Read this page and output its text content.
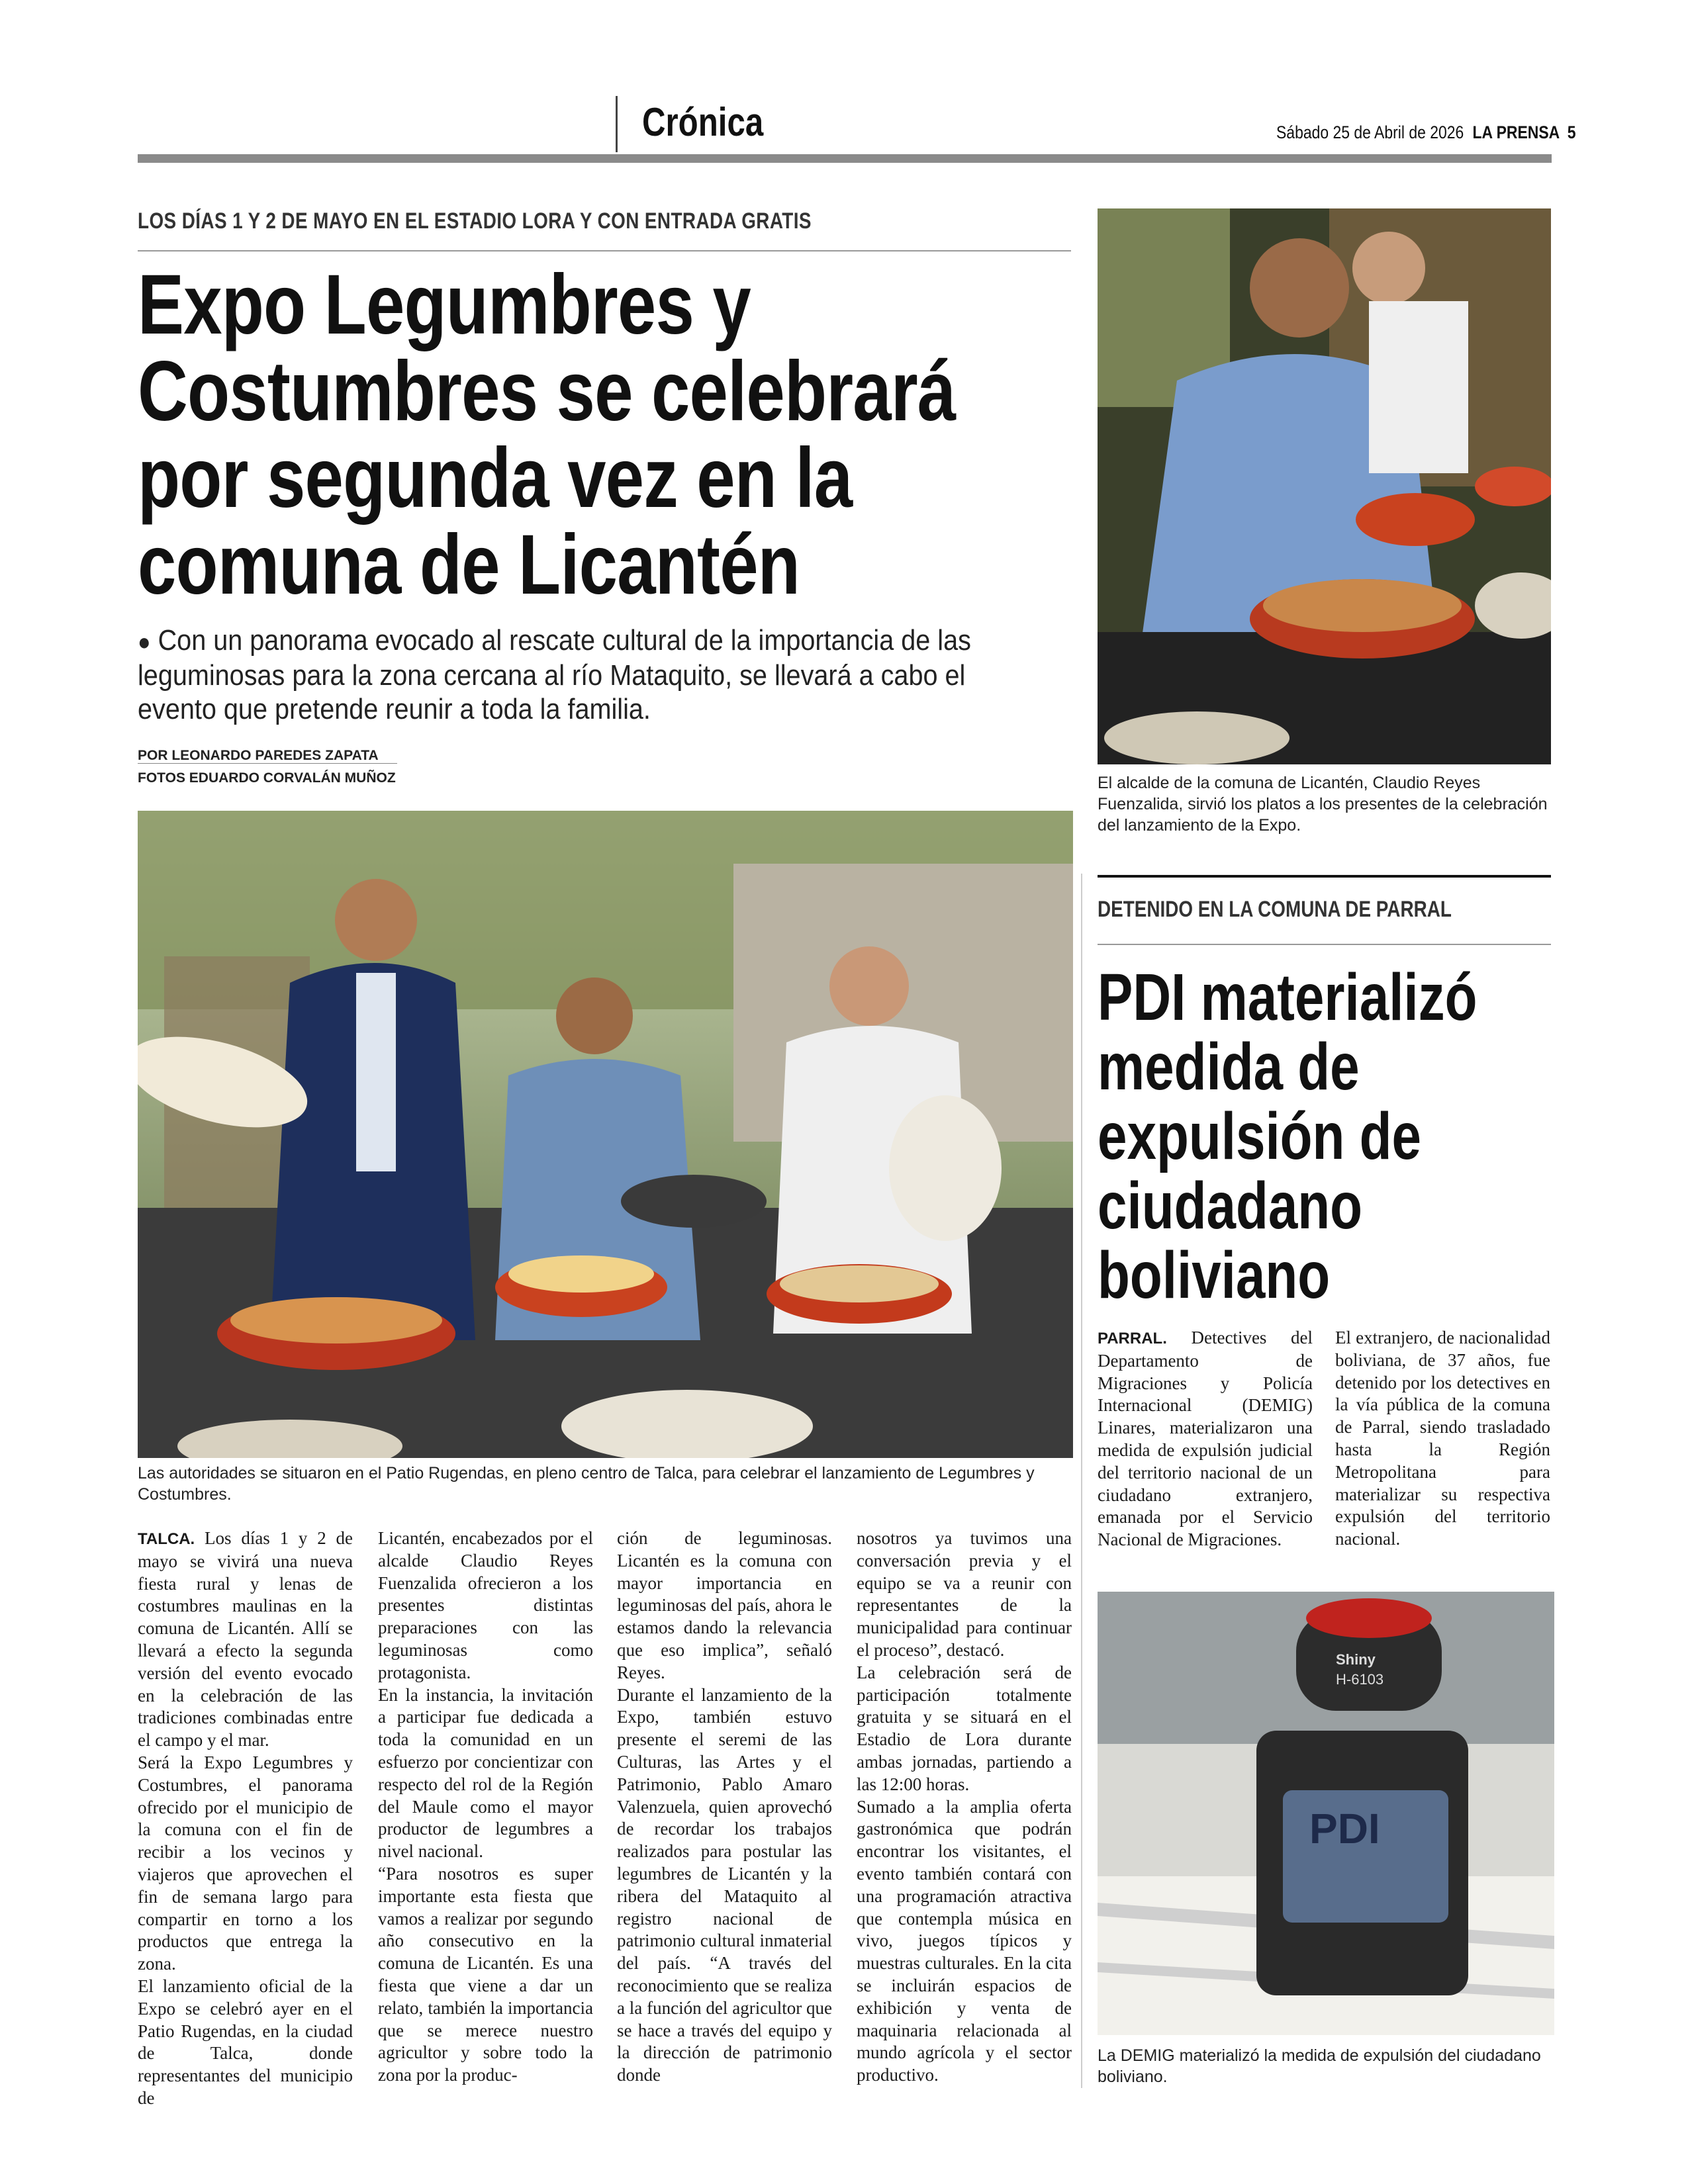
Crónica	Sábado 25 de Abril de 2026 LA PRENSA 5
LOS DÍAS 1 Y 2 DE MAYO EN EL ESTADIO LORA Y CON ENTRADA GRATIS
Expo Legumbres y
Costumbres se celebrará
por segunda vez en la
comuna de Licantén
● Con un panorama evocado al rescate cultural de la importancia de las leguminosas para la zona cercana al río Mataquito, se llevará a cabo el evento que pretende reunir a toda la familia.
POR LEONARDO PAREDES ZAPATA
FOTOS EDUARDO CORVALÁN MUÑOZ
Las autoridades se situaron en el Patio Rugendas, en pleno centro de Talca, para celebrar el lanzamiento de Legumbres y Costumbres.

TALCA. Los días 1 y 2 de mayo se vivirá una nueva fiesta rural y lenas de costumbres maulinas en la comuna de Licantén. Allí se llevará a efecto la segunda versión del evento evocado en la celebración de las tradiciones combinadas entre el campo y el mar.

Será la Expo Legumbres y Costumbres, el panorama ofrecido por el municipio de la comuna con el fin de recibir a los vecinos y viajeros que aprovechen el fin de semana largo para compartir en torno a los productos que entrega la zona.

El lanzamiento oficial de la Expo se celebró ayer en el Patio Rugendas, en la ciudad de Talca, donde representantes del municipio de

Licantén, encabezados por el alcalde Claudio Reyes Fuenzalida ofrecieron a los presentes distintas preparaciones con las leguminosas como protagonista.

En la instancia, la invitación a participar fue dedicada a toda la comunidad en un esfuerzo por concientizar con respecto del rol de la Región del Maule como el mayor productor de legumbres a nivel nacional.

“Para nosotros es super importante esta fiesta que vamos a realizar por segundo año consecutivo en la comuna de Licantén. Es una fiesta que viene a dar un relato, también la importancia que se merece nuestro agricultor y sobre todo la zona por la produc-

ción de leguminosas. Licantén es la comuna con mayor importancia en leguminosas del país, ahora le estamos dando la relevancia que eso implica”, señaló Reyes.

Durante el lanzamiento de la Expo, también estuvo presente el seremi de las Culturas, las Artes y el Patrimonio, Pablo Amaro Valenzuela, quien aprovechó de recordar los trabajos realizados para postular las legumbres de Licantén y la ribera del Mataquito al registro nacional de patrimonio cultural inmaterial del país. “A través del reconocimiento que se realiza a la función del agricultor que se hace a través del equipo y la dirección de patrimonio donde

nosotros ya tuvimos una conversación previa y el equipo se va a reunir con representantes de la municipalidad para continuar el proceso”, destacó.

La celebración será de participación totalmente gratuita y se situará en el Estadio de Lora durante ambas jornadas, partiendo a las 12:00 horas.

Sumado a la amplia oferta gastronómica que podrán encontrar los visitantes, el evento también contará con una programación atractiva que contempla música en vivo, juegos típicos y muestras culturales. En la cita se incluirán espacios de exhibición y venta de maquinaria relacionada al mundo agrícola y el sector productivo.

El alcalde de la comuna de Licantén, Claudio Reyes Fuenzalida, sirvió los platos a los presentes de la celebración del lanzamiento de la Expo.
DETENIDO EN LA COMUNA DE PARRAL
PDI materializó
medida de
expulsión de
ciudadano
boliviano

PARRAL. Detectives del Departamento de Migraciones y Policía Internacional (DEMIG) Linares, materializaron una medida de expulsión judicial del territorio nacional de un ciudadano extranjero, emanada por el Servicio Nacional de Migraciones.

El extranjero, de nacionalidad boliviana, de 37 años, fue detenido por los detectives en la vía pública de la comuna de Parral, siendo trasladado hasta la Región Metropolitana para materializar su respectiva expulsión del territorio nacional.

Shiny
H-6103
PDI
La DEMIG materializó la medida de expulsión del ciudadano boliviano.
